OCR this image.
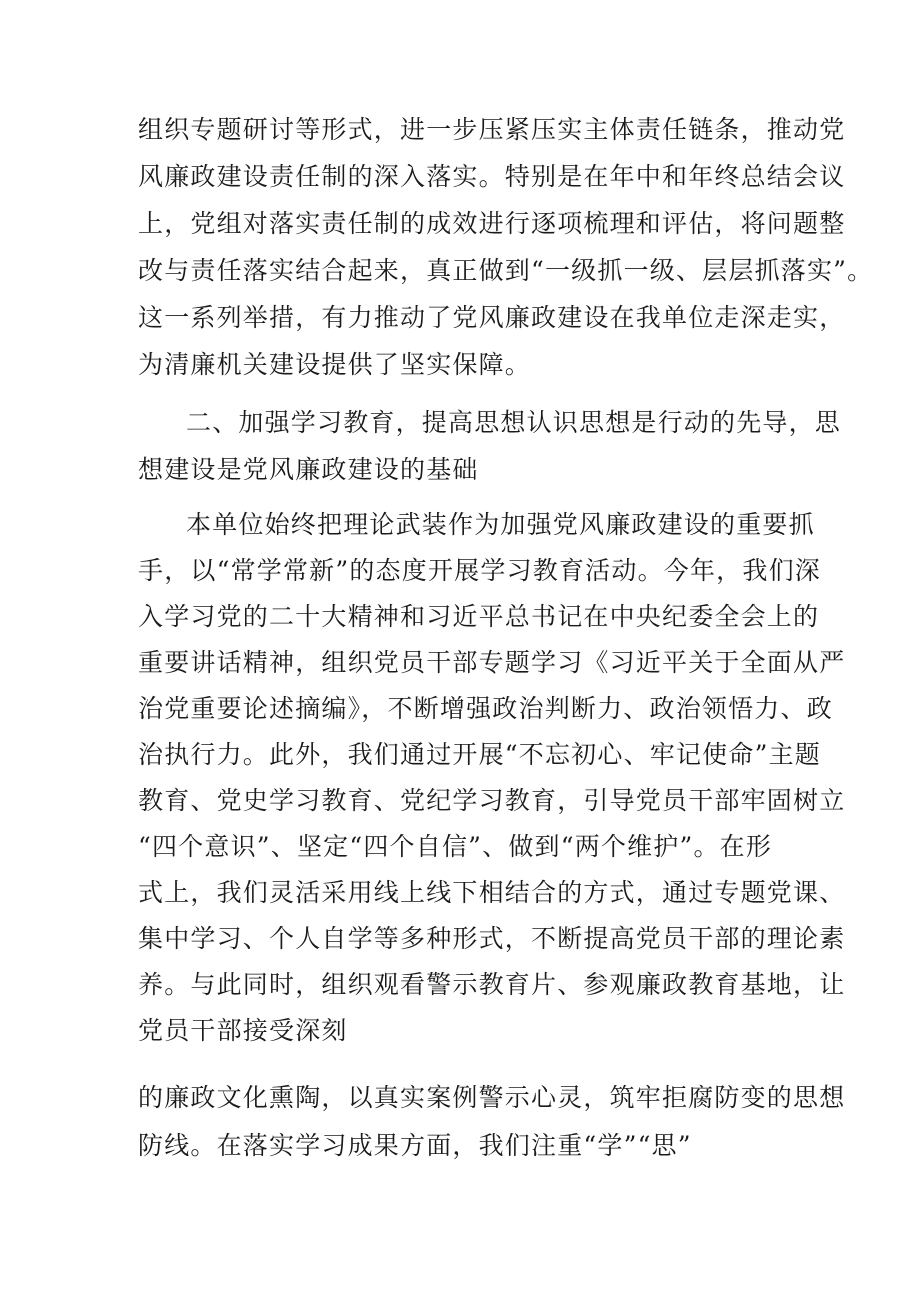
组织专题研讨等形式，进一步压紧压实主体责任链条，推动党
风廉政建设责任制的深入落实。特别是在年中和年终总结会议
上，党组对落实责任制的成效进行逐项梳理和评估，将问题整
改与责任落实结合起来，真正做到“一级抓一级、层层抓落实”。
这一系列举措，有力推动了党风廉政建设在我单位走深走实，
为清廉机关建设提供了坚实保障。
二、加强学习教育，提高思想认识思想是行动的先导，思
想建设是党风廉政建设的基础
本单位始终把理论武装作为加强党风廉政建设的重要抓
手，以“常学常新”的态度开展学习教育活动。今年，我们深
入学习党的二十大精神和习近平总书记在中央纪委全会上的
重要讲话精神，组织党员干部专题学习《习近平关于全面从严
治党重要论述摘编》，不断增强政治判断力、政治领悟力、政
治执行力。此外，我们通过开展“不忘初心、牢记使命”主题
教育、党史学习教育、党纪学习教育，引导党员干部牢固树立
“四个意识”、坚定“四个自信”、做到“两个维护”。在形
式上，我们灵活采用线上线下相结合的方式，通过专题党课、
集中学习、个人自学等多种形式，不断提高党员干部的理论素
养。与此同时，组织观看警示教育片、参观廉政教育基地，让
党员干部接受深刻
的廉政文化熏陶，以真实案例警示心灵，筑牢拒腐防变的思想
防线。在落实学习成果方面，我们注重“学”“思”
